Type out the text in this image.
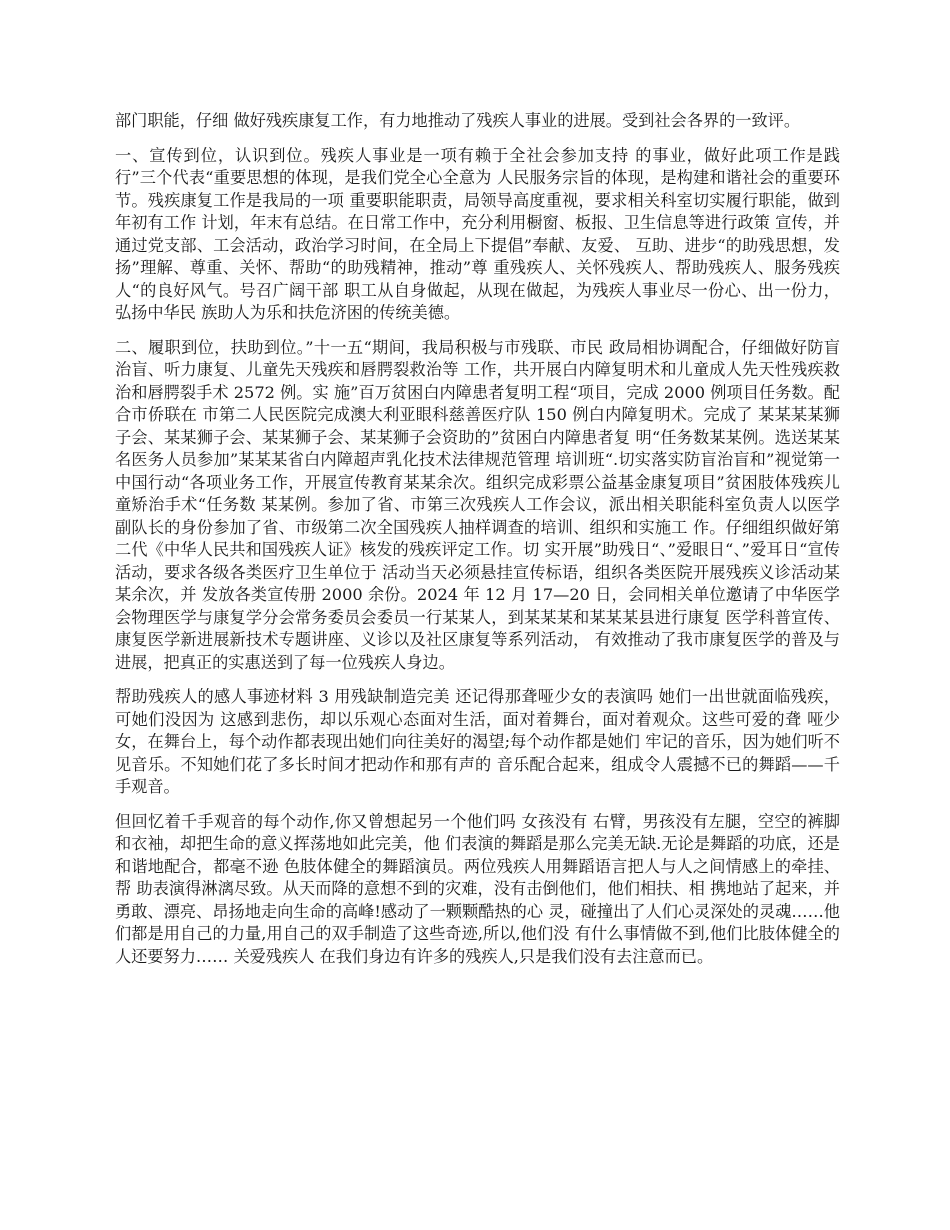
部门职能，仔细 做好残疾康复工作，有力地推动了残疾人事业的进展。受到社会各界的一致评。

一、宣传到位，认识到位。残疾人事业是一项有赖于全社会参加支持 的事业，做好此项工作是践行”三个代表“重要思想的体现，是我们党全心全意为 人民服务宗旨的体现，是构建和谐社会的重要环节。残疾康复工作是我局的一项 重要职能职责，局领导高度重视，要求相关科室切实履行职能，做到年初有工作 计划，年末有总结。在日常工作中，充分利用橱窗、板报、卫生信息等进行政策 宣传，并通过党支部、工会活动，政治学习时间，在全局上下提倡”奉献、友爱、 互助、进步“的助残思想，发扬”理解、尊重、关怀、帮助“的助残精神，推动”尊 重残疾人、关怀残疾人、帮助残疾人、服务残疾人“的良好风气。号召广阔干部 职工从自身做起，从现在做起，为残疾人事业尽一份心、出一份力，弘扬中华民 族助人为乐和扶危济困的传统美德。

二、履职到位，扶助到位。”十一五“期间，我局积极与市残联、市民 政局相协调配合，仔细做好防盲治盲、听力康复、儿童先天残疾和唇腭裂救治等 工作，共开展白内障复明术和儿童成人先天性残疾救治和唇腭裂手术 2572 例。实 施”百万贫困白内障患者复明工程“项目，完成 2000 例项目任务数。配合市侨联在 市第二人民医院完成澳大利亚眼科慈善医疗队 150 例白内障复明术。完成了 某某某某狮子会、某某狮子会、某某狮子会、某某狮子会资助的”贫困白内障患者复 明“任务数某某例。选送某某名医务人员参加”某某某省白内障超声乳化技术法律规范管理 培训班“.切实落实防盲治盲和”视觉第一中国行动“各项业务工作，开展宣传教育某某余次。组织完成彩票公益基金康复项目”贫困肢体残疾儿童矫治手术“任务数 某某例。参加了省、市第三次残疾人工作会议，派出相关职能科室负责人以医学 副队长的身份参加了省、市级第二次全国残疾人抽样调查的培训、组织和实施工 作。仔细组织做好第二代《中华人民共和国残疾人证》核发的残疾评定工作。切 实开展”助残日“、”爱眼日“、”爱耳日“宣传活动，要求各级各类医疗卫生单位于 活动当天必须悬挂宣传标语，组织各类医院开展残疾义诊活动某某余次，并 发放各类宣传册 2000 余份。2024 年 12 月 17—20 日，会同相关单位邀请了中华医学 会物理医学与康复学分会常务委员会委员一行某某人，到某某某和某某某县进行康复 医学科普宣传、康复医学新进展新技术专题讲座、义诊以及社区康复等系列活动， 有效推动了我市康复医学的普及与进展，把真正的实惠送到了每一位残疾人身边。

帮助残疾人的感人事迹材料 3 用残缺制造完美 还记得那聋哑少女的表演吗 她们一出世就面临残疾，可她们没因为 这感到悲伤，却以乐观心态面对生活，面对着舞台，面对着观众。这些可爱的聋 哑少女，在舞台上，每个动作都表现出她们向往美好的渴望;每个动作都是她们 牢记的音乐，因为她们听不见音乐。不知她们花了多长时间才把动作和那有声的 音乐配合起来，组成令人震撼不已的舞蹈——千手观音。

但回忆着千手观音的每个动作,你又曾想起另一个他们吗 女孩没有 右臂，男孩没有左腿，空空的裤脚和衣袖，却把生命的意义挥荡地如此完美，他 们表演的舞蹈是那么完美无缺.无论是舞蹈的功底，还是和谐地配合，都毫不逊 色肢体健全的舞蹈演员。两位残疾人用舞蹈语言把人与人之间情感上的牵挂、帮 助表演得淋漓尽致。从天而降的意想不到的灾难，没有击倒他们，他们相扶、相 携地站了起来，并勇敢、漂亮、昂扬地走向生命的高峰!感动了一颗颗酷热的心 灵，碰撞出了人们心灵深处的灵魂……他们都是用自己的力量,用自己的双手制造了这些奇迹,所以,他们没 有什么事情做不到,他们比肢体健全的人还要努力…… 关爱残疾人 在我们身边有许多的残疾人,只是我们没有去注意而已。
